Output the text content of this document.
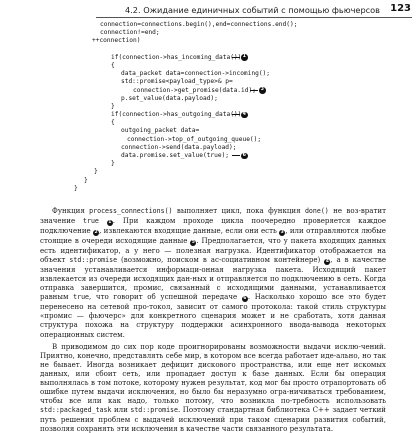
4.2. Ожидание единичных событий с помощью фьючерсов 123
connection=connections.begin(),end=connections.end();
connection!=end;
++connection)
if(connection->has_incoming_data()) 1
{
data_packet data=connection->incoming();
std::promise<payload_type>& p=
connection->get_promise(data.id); 3
p.set_value(data.payload);
}
if(connection->has_outgoing_data()) 4
{
outgoing_packet data=
connection->top_of_outgoing_queue();
connection->send(data.payload);
data.promise.set_value(true);	6
}
}
}
}

Функция process_connections() выполняет цикл, пока функция done() не воз-вратит значение true 1. При каждом проходе цикла поочередно проверяется каждое подключение 2, извлекаются входящие данные, если они есть 3, или отправляются любые стоящие в очереди исходящие данные 5. Предполагается, что у пакета входящих данных есть идентификатор, а у него — полезная нагрузка. Идентификатор отображается на объект std::promise (возможно, поиском в ас-социативном контейнере) 4, а в качестве значения устанавливается информаци-онная нагрузка пакета. Исходящий пакет извлекается из очереди исходящих дан-ных и отправляется по подключению в сеть. Когда отправка завершится, промис, связанный с исходящими данными, устанавливается равным true, что говорит об успешной передаче 6. Насколько хорошо все это будет перенесено на сетевой про-токол, зависит от самого протокола: такой стиль структуры «промис — фьючерс» для конкретного сценария может и не сработать, хотя данная структура похожа на структуру поддержки асинхронного ввода-вывода некоторых операционных систем.

В приводимом до сих пор коде проигнорированы возможности выдачи исклю-чений. Приятно, конечно, представлять себе мир, в котором все всегда работает иде-ально, но так не бывает. Иногда возникает дефицит дискового пространства, или еще нет искомых данных, или сбоит сеть, или пропадает доступ к базе данных. Если бы операция выполнялась в том потоке, которому нужен результат, код мог бы просто отрапортовать об ошибке путем выдачи исключения, но было бы неразумно огра-ничиваться требованием, чтобы все или как надо, только потому, что возникла по-требность использовать std::packaged_task или std::promise. Поэтому стандартная библиотека C++ задает четкий путь решения проблем с выдачей исключений при таком сценарии развития событий, позволяя сохранять эти исключения в качестве части связанного результата.
